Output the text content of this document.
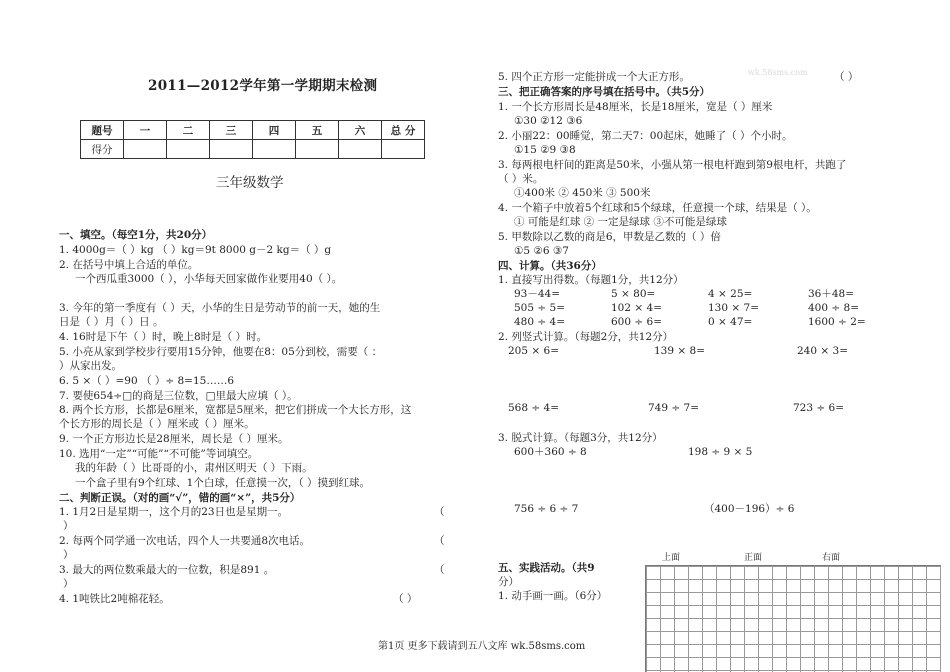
2011—2012学年第一学期期末检测
题号	一	二	三	四	五	六	总 分
得分							
三年级数学
一、填空。（每空1分，共20分）
1. 4000g＝（ ）kg （ ）kg＝9t 8000 g－2 kg＝（ ）g
2. 在括号中填上合适的单位。
一个西瓜重3000（ ），小华每天回家做作业要用40（ ）。
3. 今年的第一季度有（ ）天，小华的生日是劳动节的前一天，她的生
日是（ ）月（ ）日 。
4. 16时是下午（ ）时，晚上8时是（ ）时。
5. 小亮从家到学校步行要用15分钟，他要在8：05分到校，需要（ ：
）从家出发。
6. 5 ×（ ）=90 （ ）÷ 8=15……6
7. 要使654÷□的商是三位数，□里最大应填（ ）。
8. 两个长方形，长都是6厘米，宽都是5厘米，把它们拼成一个大长方形，这
个长方形的周长是（ ）厘米或（ ）厘米。
9. 一个正方形边长是28厘米，周长是（ ）厘米。
10. 选用“一定”“可能”“不可能”等词填空。
我的年龄（ ）比哥哥的小，肃州区明天（ ）下雨。
一个盒子里有9个红球、1个白球，任意摸一次，（ ）摸到红球。
二、判断正误。（对的画“√”，错的画“×”，共5分）
1. 1月2日是星期一，这个月的23日也是星期一。	（
）
2. 每两个同学通一次电话，四个人一共要通8次电话。	（
）
3. 最大的两位数乘最大的一位数，积是891 。	（
）
4. 1吨铁比2吨棉花轻。	（ ）
5. 四个正方形一定能拼成一个大正方形。	（ ）
三、把正确答案的序号填在括号中。（共5分）
1. 一个长方形周长是48厘米，长是18厘米，宽是（ ）厘米
①30 ②12 ③6
2. 小丽22：00睡觉，第二天7：00起床，她睡了（ ）个小时。
①15 ②9 ③8
3. 每两根电杆间的距离是50米，小强从第一根电杆跑到第9根电杆，共跑了
（ ）米。
①400米 ② 450米 ③ 500米
4. 一个箱子中放着5个红球和5个绿球，任意摸一个球，结果是（ ）。
① 可能是红球 ② 一定是绿球 ③不可能是绿球
5. 甲数除以乙数的商是6，甲数是乙数的（ ）倍
①5 ②6 ③7
四、计算。（共36分）
1. 直接写出得数。（每题1分，共12分）
93－44=	5 × 80=	4 × 25=	36＋48=
505 ÷ 5=	102 × 4=	130 × 7=	400 ÷ 8=
480 ÷ 4=	600 ÷ 6=	0 × 47=	1600 ÷ 2=
2. 列竖式计算。（每题2分，共12分）
205 × 6=	139 × 8=	240 × 3=
568 ÷ 4=	749 ÷ 7=	723 ÷ 6=
3. 脱式计算。（每题3分，共12分）
600＋360 ÷ 8	198 ÷ 9 × 5
756 ÷ 6 ÷ 7	（400－196）÷ 6
五、实践活动。（共9
分）
1. 动手画一画。（6分）
wk.58sms.com
上面	正面	右面
第1页 更多下载请到五八文库 wk.58sms.com
